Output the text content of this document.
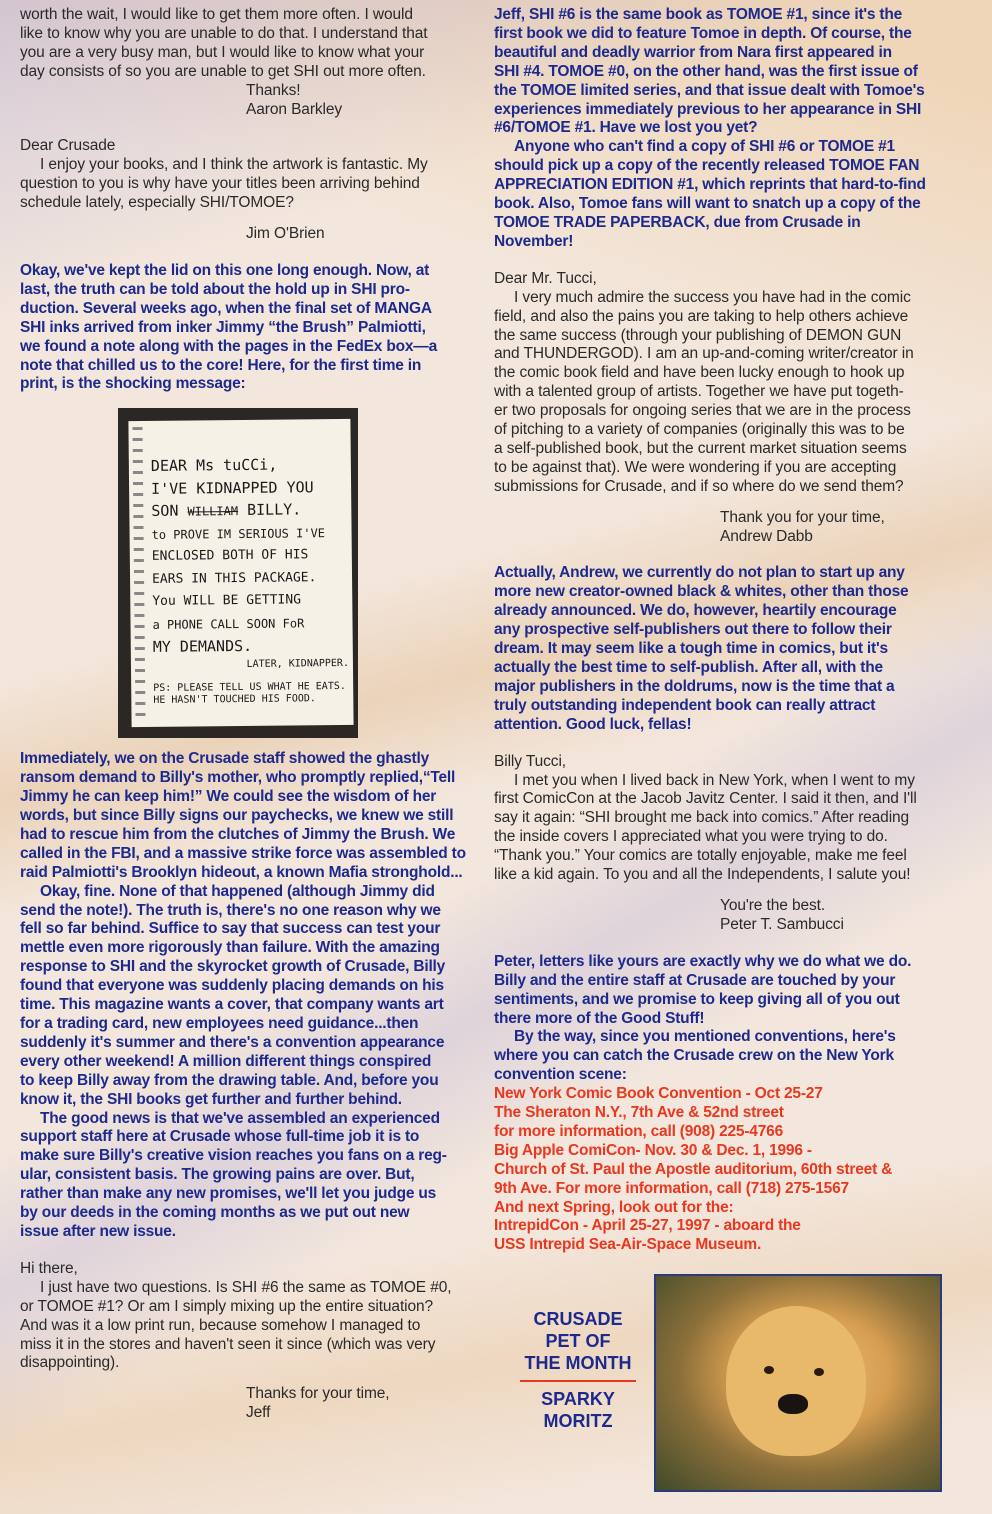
worth the wait, I would like to get them more often. I would

like to know why you are unable to do that. I understand that

you are a very busy man, but I would like to know what your

day consists of so you are unable to get SHI out more often.

Thanks!

Aaron Barkley

Dear Crusade

I enjoy your books, and I think the artwork is fantastic. My

question to you is why have your titles been arriving behind

schedule lately, especially SHI/TOMOE?

Jim O'Brien

Okay, we've kept the lid on this one long enough. Now, at

last, the truth can be told about the hold up in SHI pro-

duction. Several weeks ago, when the final set of MANGA

SHI inks arrived from inker Jimmy “the Brush” Palmiotti,

we found a note along with the pages in the FedEx box—a

note that chilled us to the core! Here, for the first time in

print, is the shocking message:

DEAR Ms tuCCi,
I'VE KIDNAPPED YOU
SON WILLIAM BILLY.
to PROVE IM SERIOUS I'VE
ENCLOSED BOTH OF HIS
EARS IN THIS PACKAGE.
You WILL BE GETTING
a PHONE CALL SOON FoR
MY DEMANDS.
LATER, KIDNAPPER.
PS: PLEASE TELL US WHAT HE EATS. HE HASN'T TOUCHED HIS FOOD.

Immediately, we on the Crusade staff showed the ghastly

ransom demand to Billy's mother, who promptly replied,“Tell

Jimmy he can keep him!” We could see the wisdom of her

words, but since Billy signs our paychecks, we knew we still

had to rescue him from the clutches of Jimmy the Brush. We

called in the FBI, and a massive strike force was assembled to

raid Palmiotti's Brooklyn hideout, a known Mafia stronghold...

Okay, fine. None of that happened (although Jimmy did

send the note!). The truth is, there's no one reason why we

fell so far behind. Suffice to say that success can test your

mettle even more rigorously than failure. With the amazing

response to SHI and the skyrocket growth of Crusade, Billy

found that everyone was suddenly placing demands on his

time. This magazine wants a cover, that company wants art

for a trading card, new employees need guidance...then

suddenly it's summer and there's a convention appearance

every other weekend! A million different things conspired

to keep Billy away from the drawing table. And, before you

know it, the SHI books get further and further behind.

The good news is that we've assembled an experienced

support staff here at Crusade whose full-time job it is to

make sure Billy's creative vision reaches you fans on a reg-

ular, consistent basis. The growing pains are over. But,

rather than make any new promises, we'll let you judge us

by our deeds in the coming months as we put out new

issue after new issue.

Hi there,

I just have two questions. Is SHI #6 the same as TOMOE #0,

or TOMOE #1? Or am I simply mixing up the entire situation?

And was it a low print run, because somehow I managed to

miss it in the stores and haven't seen it since (which was very

disappointing).

Thanks for your time,

Jeff

Jeff, SHI #6 is the same book as TOMOE #1, since it's the

first book we did to feature Tomoe in depth. Of course, the

beautiful and deadly warrior from Nara first appeared in

SHI #4. TOMOE #0, on the other hand, was the first issue of

the TOMOE limited series, and that issue dealt with Tomoe's

experiences immediately previous to her appearance in SHI

#6/TOMOE #1. Have we lost you yet?

Anyone who can't find a copy of SHI #6 or TOMOE #1

should pick up a copy of the recently released TOMOE FAN

APPRECIATION EDITION #1, which reprints that hard-to-find

book. Also, Tomoe fans will want to snatch up a copy of the

TOMOE TRADE PAPERBACK, due from Crusade in November!

Dear Mr. Tucci,

I very much admire the success you have had in the comic

field, and also the pains you are taking to help others achieve

the same success (through your publishing of DEMON GUN

and THUNDERGOD). I am an up-and-coming writer/creator in

the comic book field and have been lucky enough to hook up

with a talented group of artists. Together we have put togeth-

er two proposals for ongoing series that we are in the process

of pitching to a variety of companies (originally this was to be

a self-published book, but the current market situation seems

to be against that). We were wondering if you are accepting

submissions for Crusade, and if so where do we send them?

Thank you for your time,

Andrew Dabb

Actually, Andrew, we currently do not plan to start up any

more new creator-owned black & whites, other than those

already announced. We do, however, heartily encourage

any prospective self-publishers out there to follow their

dream. It may seem like a tough time in comics, but it's

actually the best time to self-publish. After all, with the

major publishers in the doldrums, now is the time that a

truly outstanding independent book can really attract

attention. Good luck, fellas!

Billy Tucci,

I met you when I lived back in New York, when I went to my

first ComicCon at the Jacob Javitz Center. I said it then, and I'll

say it again: “SHI brought me back into comics.” After reading

the inside covers I appreciated what you were trying to do.

“Thank you.” Your comics are totally enjoyable, make me feel

like a kid again. To you and all the Independents, I salute you!

You're the best.

Peter T. Sambucci

Peter, letters like yours are exactly why we do what we do.

Billy and the entire staff at Crusade are touched by your

sentiments, and we promise to keep giving all of you out

there more of the Good Stuff!

By the way, since you mentioned conventions, here's

where you can catch the Crusade crew on the New York

convention scene:

New York Comic Book Convention - Oct 25-27

The Sheraton N.Y., 7th Ave & 52nd street

for more information, call (908) 225-4766

Big Apple ComiCon- Nov. 30 & Dec. 1, 1996 -

Church of St. Paul the Apostle auditorium, 60th street &

9th Ave. For more information, call (718) 275-1567

And next Spring, look out for the:

IntrepidCon - April 25-27, 1997 - aboard the

USS Intrepid Sea-Air-Space Museum.

CRUSADE
PET OF
THE MONTH
SPARKY
MORITZ
